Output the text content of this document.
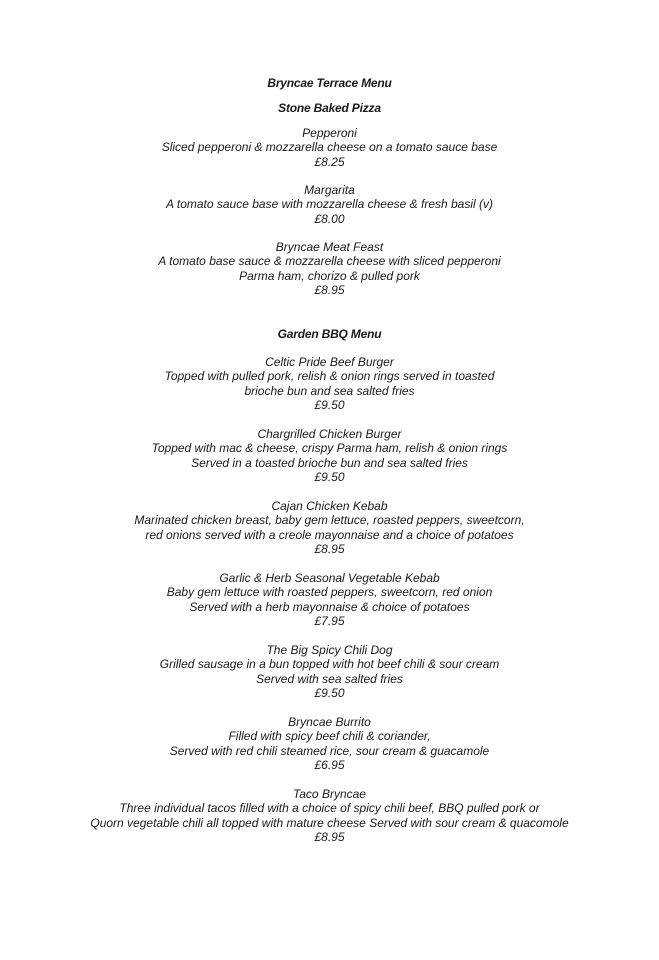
Bryncae Terrace Menu
Stone Baked Pizza
Pepperoni
Sliced pepperoni & mozzarella cheese on a tomato sauce base
£8.25
Margarita
A tomato sauce base with mozzarella cheese & fresh basil (v)
£8.00
Bryncae Meat Feast
A tomato base sauce & mozzarella cheese with sliced pepperoni
Parma ham, chorizo & pulled pork
£8.95
Garden BBQ Menu
Celtic Pride Beef Burger
Topped with pulled pork, relish & onion rings served in toasted
brioche bun and sea salted fries
£9.50
Chargrilled Chicken Burger
Topped with mac & cheese, crispy Parma ham, relish & onion rings
Served in a toasted brioche bun and sea salted fries
£9.50
Cajan Chicken Kebab
Marinated chicken breast, baby gem lettuce, roasted peppers, sweetcorn,
red onions served with a creole mayonnaise and a choice of potatoes
£8.95
Garlic & Herb Seasonal Vegetable Kebab
Baby gem lettuce with roasted peppers, sweetcorn, red onion
Served with a herb mayonnaise & choice of potatoes
£7.95
The Big Spicy Chili Dog
Grilled sausage in a bun topped with hot beef chili & sour cream
Served with sea salted fries
£9.50
Bryncae Burrito
Filled with spicy beef chili & coriander,
Served with red chili steamed rice, sour cream & guacamole
£6.95
Taco Bryncae
Three individual tacos filled with a choice of spicy chili beef, BBQ pulled pork or
Quorn vegetable chili all topped with mature cheese Served with sour cream & quacomole
£8.95
